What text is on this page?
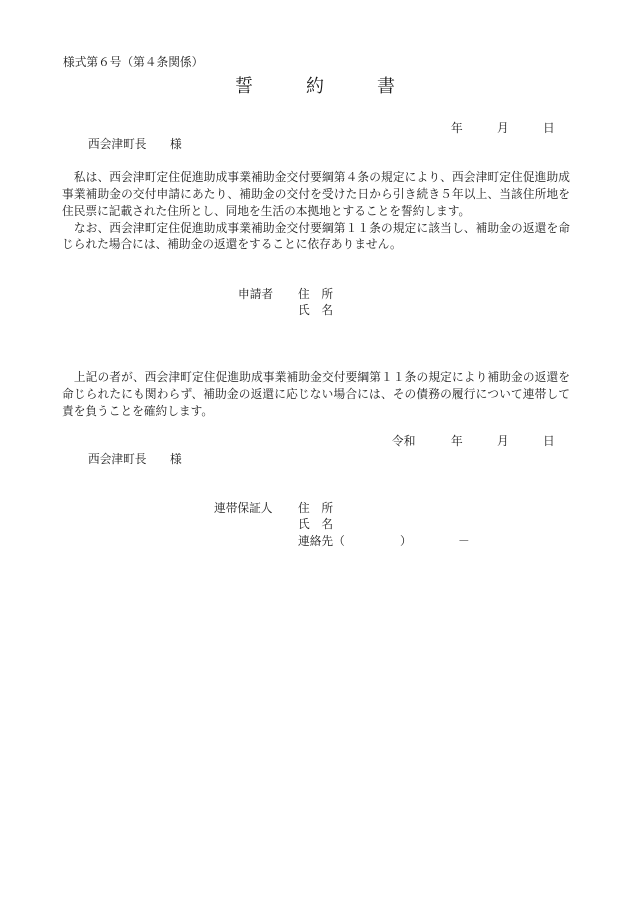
様式第６号（第４条関係）
誓約書
年	月	日
西会津町長 様
　私は、西会津町定住促進助成事業補助金交付要綱第４条の規定により、西会津町定住促進助成
事業補助金の交付申請にあたり、補助金の交付を受けた日から引き続き５年以上、当該住所地を
住民票に記載された住所とし、同地を生活の本拠地とすることを誓約します。
　なお、西会津町定住促進助成事業補助金交付要綱第１１条の規定に該当し、補助金の返還を命
じられた場合には、補助金の返還をすることに依存ありません。
申請者 住　所
氏　名
　上記の者が、西会津町定住促進助成事業補助金交付要綱第１１条の規定により補助金の返還を
命じられたにも関わらず、補助金の返還に応じない場合には、その債務の履行について連帯して
責を負うことを確約します。
令和	年	月	日
西会津町長 様
連帯保証人 住　所
氏　名
連絡先（	）	－
